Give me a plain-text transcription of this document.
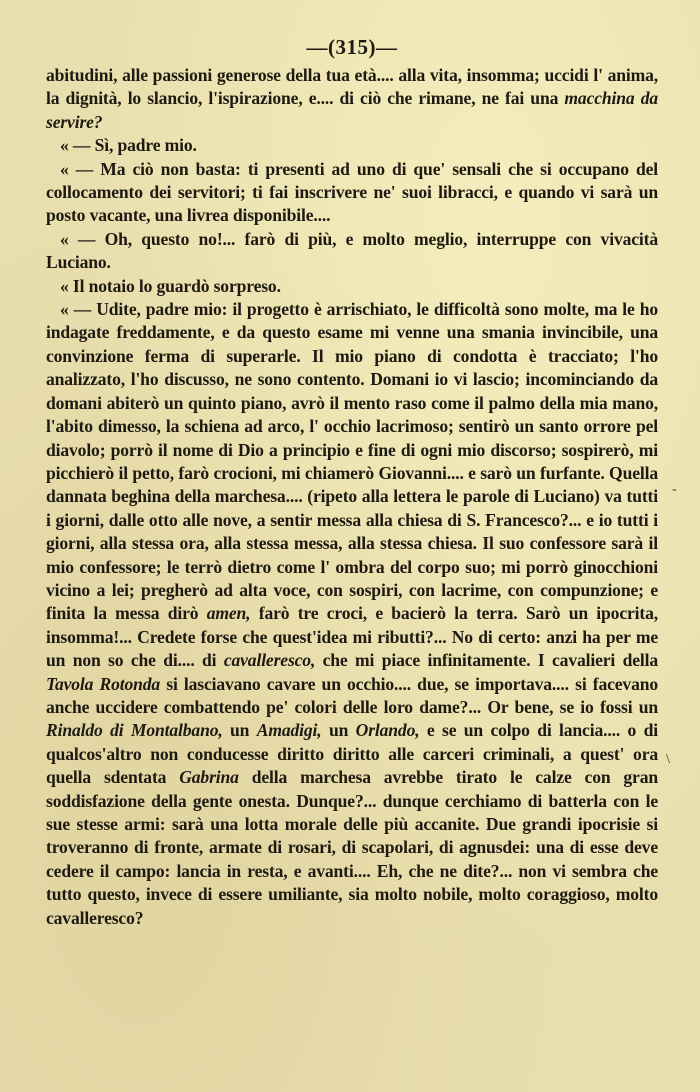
—(315)—

abitudini, alle passioni generose della tua età.... alla vita, insomma; uccidi l' anima, la dignità, lo slancio, l'ispirazione, e.... di ciò che rimane, ne fai una macchina da servire?

« — Sì, padre mio.

« — Ma ciò non basta: ti presenti ad uno di que' sensali che si occupano del collocamento dei servitori; ti fai inscrivere ne' suoi libracci, e quando vi sarà un posto vacante, una livrea disponibile....

« — Oh, questo no!... farò di più, e molto meglio, interruppe con vivacità Luciano.

« Il notaio lo guardò sorpreso.

« — Udite, padre mio: il progetto è arrischiato, le difficoltà sono molte, ma le ho indagate freddamente, e da questo esame mi venne una smania invincibile, una convinzione ferma di superarle. Il mio piano di condotta è tracciato; l'ho analizzato, l'ho discusso, ne sono contento. Domani io vi lascio; incominciando da domani abiterò un quinto piano, avrò il mento raso come il palmo della mia mano, l'abito dimesso, la schiena ad arco, l' occhio lacrimoso; sentirò un santo orrore pel diavolo; porrò il nome di Dio a principio e fine di ogni mio discorso; sospirerò, mi picchierò il petto, farò crocioni, mi chiamerò Giovanni.... e sarò un furfante. Quella dannata beghina della marchesa.... (ripeto alla lettera le parole di Luciano) va tutti i giorni, dalle otto alle nove, a sentir messa alla chiesa di S. Francesco?... e io tutti i giorni, alla stessa ora, alla stessa messa, alla stessa chiesa. Il suo confessore sarà il mio confessore; le terrò dietro come l' ombra del corpo suo; mi porrò ginocchioni vicino a lei; pregherò ad alta voce, con sospiri, con lacrime, con compunzione; e finita la messa dirò amen, farò tre croci, e bacierò la terra. Sarò un ipocrita, insomma!... Credete forse che quest'idea mi ributti?... No di certo: anzi ha per me un non so che di.... di cavalleresco, che mi piace infinitamente. I cavalieri della Tavola Rotonda si lasciavano cavare un occhio.... due, se importava.... si facevano anche uccidere combattendo pe' colori delle loro dame?... Or bene, se io fossi un Rinaldo di Montalbano, un Amadigi, un Orlando, e se un colpo di lancia.... o di qualcos'altro non conducesse diritto diritto alle carceri criminali, a quest' ora quella sdentata Gabrina della marchesa avrebbe tirato le calze con gran soddisfazione della gente onesta. Dunque?... dunque cerchiamo di batterla con le sue stesse armi: sarà una lotta morale delle più accanite. Due grandi ipocrisie si troveranno di fronte, armate di rosari, di scapolari, di agnusdei: una di esse deve cedere il campo: lancia in resta, e avanti.... Eh, che ne dite?... non vi sembra che tutto questo, invece di essere umiliante, sia molto nobile, molto coraggioso, molto cavalleresco?

-
\
